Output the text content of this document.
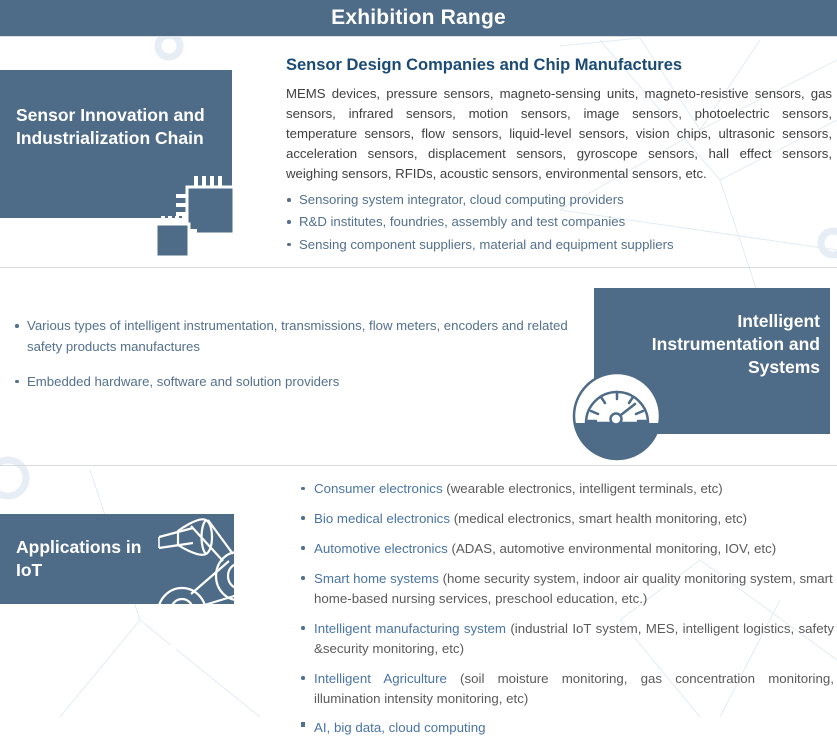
Exhibition Range
Sensor Innovation and Industrialization Chain
Sensor Design Companies and Chip Manufactures
MEMS devices, pressure sensors, magneto-sensing units, magneto-resistive sensors, gas sensors, infrared sensors, motion sensors, image sensors, photoelectric sensors, temperature sensors, flow sensors, liquid-level sensors, vision chips, ultrasonic sensors, acceleration sensors, displacement sensors, gyroscope sensors, hall effect sensors, weighing sensors, RFIDs, acoustic sensors, environmental sensors, etc.
Sensoring system integrator, cloud computing providers
R&D institutes, foundries, assembly and test companies
Sensing component suppliers, material and equipment suppliers
Various types of intelligent instrumentation, transmissions, flow meters, encoders and related safety products manufactures
Embedded hardware, software and solution providers
Intelligent Instrumentation and Systems
Applications in IoT
Consumer electronics (wearable electronics, intelligent terminals, etc)
Bio medical electronics (medical electronics, smart health monitoring, etc)
Automotive electronics (ADAS, automotive environmental monitoring, IOV, etc)
Smart home systems (home security system, indoor air quality monitoring system, smart home-based nursing services, preschool education, etc.)
Intelligent manufacturing system (industrial IoT system, MES, intelligent logistics, safety &security monitoring, etc)
Intelligent Agriculture (soil moisture monitoring, gas concentration monitoring, illumination intensity monitoring, etc)
AI, big data, cloud computing
